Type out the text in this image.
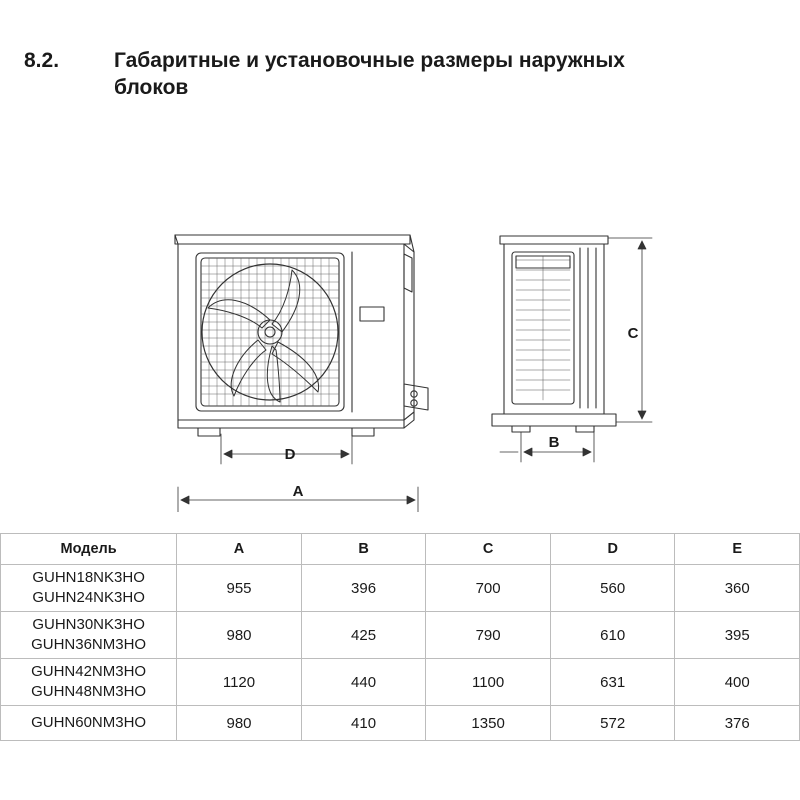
8.2.	Габаритные и установочные размеры наружных блоков
D
C
B
A
Модель	A	B	C	D	E

GUHN18NK3HO
GUHN24NK3HO	955	396	700	560	360

GUHN30NK3HO
GUHN36NM3HO	980	425	790	610	395

GUHN42NM3HO
GUHN48NM3HO	1120	440	1100	631	400

GUHN60NM3HO	980	410	1350	572	376
